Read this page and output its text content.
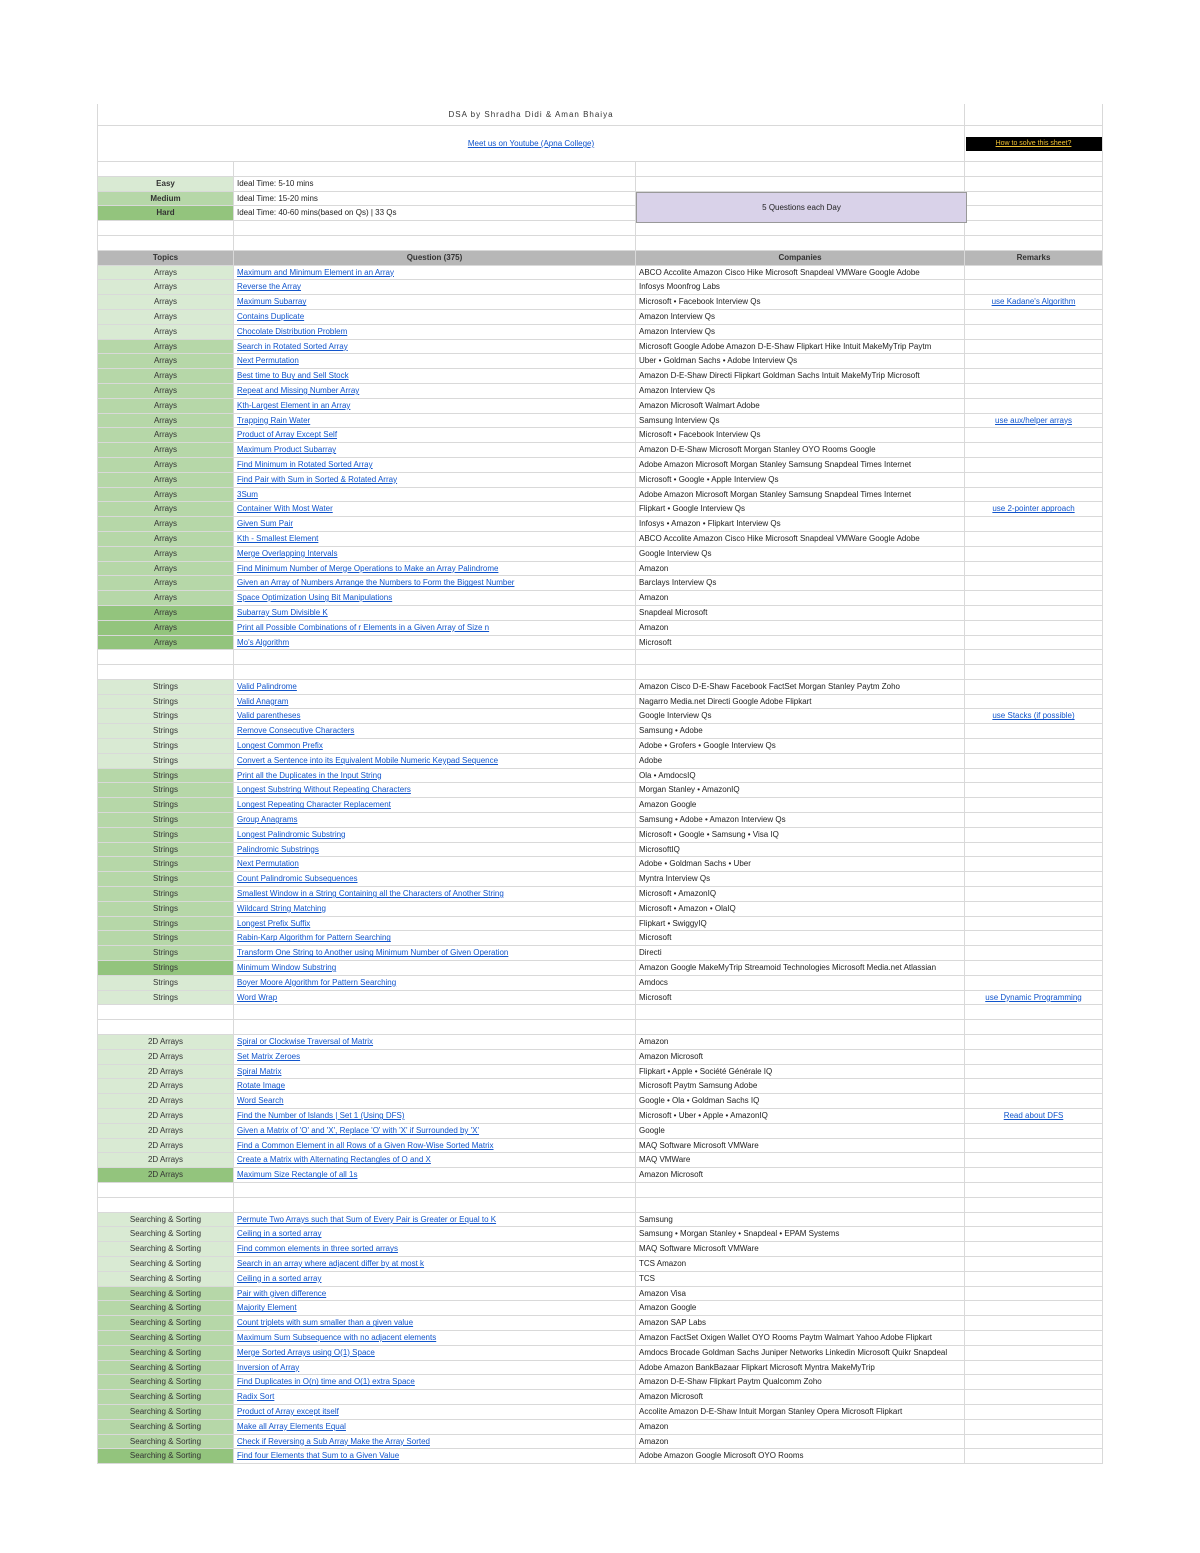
DSA by Shradha Didi & Aman Bhaiya
Meet us on Youtube (Apna College)	How to solve this sheet?
Easy	Ideal Time: 5-10 mins
Medium	Ideal Time: 15-20 mins
Hard	Ideal Time: 40-60 mins(based on Qs) | 33 Qs
5 Questions each Day
Topics	Question (375)	Companies	Remarks
Arrays	Maximum and Minimum Element in an Array	ABCO Accolite Amazon Cisco Hike Microsoft Snapdeal VMWare Google Adobe
Arrays	Reverse the Array	Infosys Moonfrog Labs
Arrays	Maximum Subarray	Microsoft • Facebook Interview Qs	use Kadane's Algorithm
Arrays	Contains Duplicate	Amazon Interview Qs
Arrays	Chocolate Distribution Problem	Amazon Interview Qs
Arrays	Search in Rotated Sorted Array	Microsoft Google Adobe Amazon D-E-Shaw Flipkart Hike Intuit MakeMyTrip Paytm
Arrays	Next Permutation	Uber • Goldman Sachs • Adobe Interview Qs
Arrays	Best time to Buy and Sell Stock	Amazon D-E-Shaw Directi Flipkart Goldman Sachs Intuit MakeMyTrip Microsoft
Arrays	Repeat and Missing Number Array	Amazon Interview Qs
Arrays	Kth-Largest Element in an Array	Amazon Microsoft Walmart Adobe
Arrays	Trapping Rain Water	Samsung Interview Qs	use aux/helper arrays
Arrays	Product of Array Except Self	Microsoft • Facebook Interview Qs
Arrays	Maximum Product Subarray	Amazon D-E-Shaw Microsoft Morgan Stanley OYO Rooms Google
Arrays	Find Minimum in Rotated Sorted Array	Adobe Amazon Microsoft Morgan Stanley Samsung Snapdeal Times Internet
Arrays	Find Pair with Sum in Sorted & Rotated Array	Microsoft • Google • Apple Interview Qs
Arrays	3Sum	Adobe Amazon Microsoft Morgan Stanley Samsung Snapdeal Times Internet
Arrays	Container With Most Water	Flipkart • Google Interview Qs	use 2-pointer approach
Arrays	Given Sum Pair	Infosys • Amazon • Flipkart Interview Qs
Arrays	Kth - Smallest Element	ABCO Accolite Amazon Cisco Hike Microsoft Snapdeal VMWare Google Adobe
Arrays	Merge Overlapping Intervals	Google Interview Qs
Arrays	Find Minimum Number of Merge Operations to Make an Array Palindrome	Amazon
Arrays	Given an Array of Numbers Arrange the Numbers to Form the Biggest Number	Barclays Interview Qs
Arrays	Space Optimization Using Bit Manipulations	Amazon
Arrays	Subarray Sum Divisible K	Snapdeal Microsoft
Arrays	Print all Possible Combinations of r Elements in a Given Array of Size n	Amazon
Arrays	Mo's Algorithm	Microsoft
Strings	Valid Palindrome	Amazon Cisco D-E-Shaw Facebook FactSet Morgan Stanley Paytm Zoho
Strings	Valid Anagram	Nagarro Media.net Directi Google Adobe Flipkart
Strings	Valid parentheses	Google Interview Qs	use Stacks (if possible)
Strings	Remove Consecutive Characters	Samsung • Adobe
Strings	Longest Common Prefix	Adobe • Grofers • Google Interview Qs
Strings	Convert a Sentence into its Equivalent Mobile Numeric Keypad Sequence	Adobe
Strings	Print all the Duplicates in the Input String	Ola • AmdocsIQ
Strings	Longest Substring Without Repeating Characters	Morgan Stanley • AmazonIQ
Strings	Longest Repeating Character Replacement	Amazon Google
Strings	Group Anagrams	Samsung • Adobe • Amazon Interview Qs
Strings	Longest Palindromic Substring	Microsoft • Google • Samsung • Visa IQ
Strings	Palindromic Substrings	MicrosoftIQ
Strings	Next Permutation	Adobe • Goldman Sachs • Uber
Strings	Count Palindromic Subsequences	Myntra Interview Qs
Strings	Smallest Window in a String Containing all the Characters of Another String	Microsoft • AmazonIQ
Strings	Wildcard String Matching	Microsoft • Amazon • OlaIQ
Strings	Longest Prefix Suffix	Flipkart • SwiggyIQ
Strings	Rabin-Karp Algorithm for Pattern Searching	Microsoft
Strings	Transform One String to Another using Minimum Number of Given Operation	Directi
Strings	Minimum Window Substring	Amazon Google MakeMyTrip Streamoid Technologies Microsoft Media.net Atlassian
Strings	Boyer Moore Algorithm for Pattern Searching	Amdocs
Strings	Word Wrap	Microsoft	use Dynamic Programming
2D Arrays	Spiral or Clockwise Traversal of Matrix	Amazon
2D Arrays	Set Matrix Zeroes	Amazon Microsoft
2D Arrays	Spiral Matrix	Flipkart • Apple • Société Générale IQ
2D Arrays	Rotate Image	Microsoft Paytm Samsung Adobe
2D Arrays	Word Search	Google • Ola • Goldman Sachs IQ
2D Arrays	Find the Number of Islands | Set 1 (Using DFS)	Microsoft • Uber • Apple • AmazonIQ	Read about DFS
2D Arrays	Given a Matrix of 'O' and 'X', Replace 'O' with 'X' if Surrounded by 'X'	Google
2D Arrays	Find a Common Element in all Rows of a Given Row-Wise Sorted Matrix	MAQ Software Microsoft VMWare
2D Arrays	Create a Matrix with Alternating Rectangles of O and X	MAQ VMWare
2D Arrays	Maximum Size Rectangle of all 1s	Amazon Microsoft
Searching & Sorting	Permute Two Arrays such that Sum of Every Pair is Greater or Equal to K	Samsung
Searching & Sorting	Ceiling in a sorted array	Samsung • Morgan Stanley • Snapdeal • EPAM Systems
Searching & Sorting	Find common elements in three sorted arrays	MAQ Software Microsoft VMWare
Searching & Sorting	Search in an array where adjacent differ by at most k	TCS Amazon
Searching & Sorting	Ceiling in a sorted array	TCS
Searching & Sorting	Pair with given difference	Amazon Visa
Searching & Sorting	Majority Element	Amazon Google
Searching & Sorting	Count triplets with sum smaller than a given value	Amazon SAP Labs
Searching & Sorting	Maximum Sum Subsequence with no adjacent elements	Amazon FactSet Oxigen Wallet OYO Rooms Paytm Walmart Yahoo Adobe Flipkart
Searching & Sorting	Merge Sorted Arrays using O(1) Space	Amdocs Brocade Goldman Sachs Juniper Networks Linkedin Microsoft Quikr Snapdeal
Searching & Sorting	Inversion of Array	Adobe Amazon BankBazaar Flipkart Microsoft Myntra MakeMyTrip
Searching & Sorting	Find Duplicates in O(n) time and O(1) extra Space	Amazon D-E-Shaw Flipkart Paytm Qualcomm Zoho
Searching & Sorting	Radix Sort	Amazon Microsoft
Searching & Sorting	Product of Array except itself	Accolite Amazon D-E-Shaw Intuit Morgan Stanley Opera Microsoft Flipkart
Searching & Sorting	Make all Array Elements Equal	Amazon
Searching & Sorting	Check if Reversing a Sub Array Make the Array Sorted	Amazon
Searching & Sorting	Find four Elements that Sum to a Given Value	Adobe Amazon Google Microsoft OYO Rooms
